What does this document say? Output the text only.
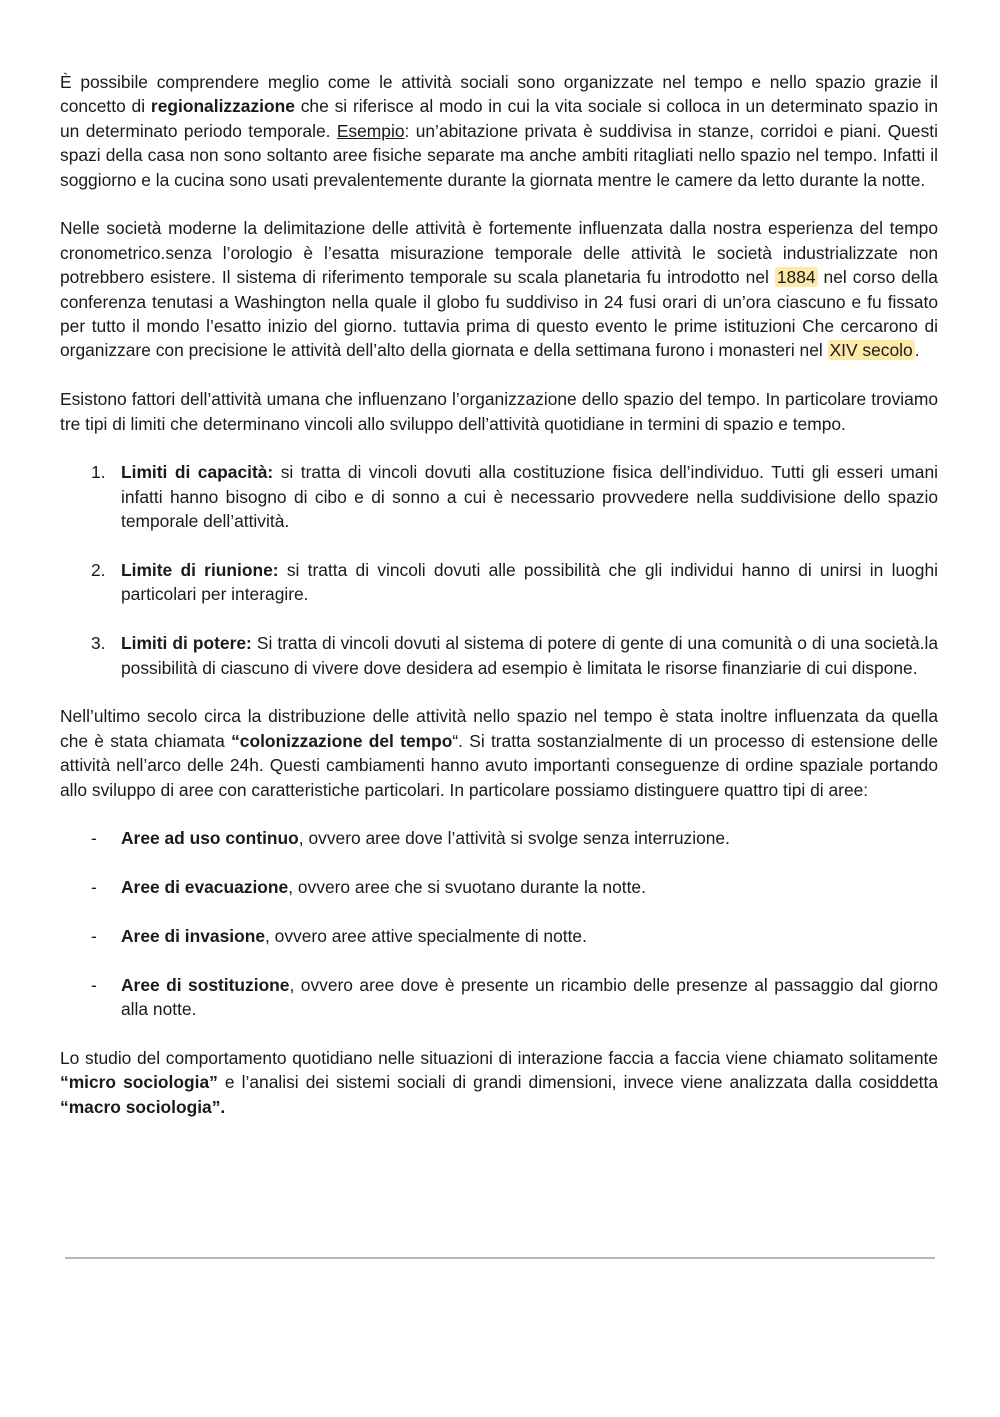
È possibile comprendere meglio come le attività sociali sono organizzate nel tempo e nello spazio grazie il concetto di regionalizzazione che si riferisce al modo in cui la vita sociale si colloca in un determinato spazio in un determinato periodo temporale. Esempio: un’abitazione privata è suddivisa in stanze, corridoi e piani. Questi spazi della casa non sono soltanto aree fisiche separate ma anche ambiti ritagliati nello spazio nel tempo. Infatti il soggiorno e la cucina sono usati prevalentemente durante la giornata mentre le camere da letto durante la notte.

Nelle società moderne la delimitazione delle attività è fortemente influenzata dalla nostra esperienza del tempo cronometrico.senza l’orologio è l’esatta misurazione temporale delle attività le società industrializzate non potrebbero esistere. Il sistema di riferimento temporale su scala planetaria fu introdotto nel 1884 nel corso della conferenza tenutasi a Washington nella quale il globo fu suddiviso in 24 fusi orari di un’ora ciascuno e fu fissato per tutto il mondo l’esatto inizio del giorno. tuttavia prima di questo evento le prime istituzioni Che cercarono di organizzare con precisione le attività dell’alto della giornata e della settimana furono i monasteri nel XIV secolo .

Esistono fattori dell’attività umana che influenzano l’organizzazione dello spazio del tempo. In particolare troviamo tre tipi di limiti che determinano vincoli allo sviluppo dell’attività quotidiane in termini di spazio e tempo.

1. Limiti di capacità: si tratta di vincoli dovuti alla costituzione fisica dell’individuo. Tutti gli esseri umani infatti hanno bisogno di cibo e di sonno a cui è necessario provvedere nella suddivisione dello spazio temporale dell’attività.
2. Limite di riunione: si tratta di vincoli dovuti alle possibilità che gli individui hanno di unirsi in luoghi particolari per interagire.
3. Limiti di potere: Si tratta di vincoli dovuti al sistema di potere di gente di una comunità o di una società.la possibilità di ciascuno di vivere dove desidera ad esempio è limitata le risorse finanziarie di cui dispone.

Nell’ultimo secolo circa la distribuzione delle attività nello spazio nel tempo è stata inoltre influenzata da quella che è stata chiamata “colonizzazione del tempo“. Si tratta sostanzialmente di un processo di estensione delle attività nell’arco delle 24h. Questi cambiamenti hanno avuto importanti conseguenze di ordine spaziale portando allo sviluppo di aree con caratteristiche particolari. In particolare possiamo distinguere quattro tipi di aree:

- Aree ad uso continuo, ovvero aree dove l’attività si svolge senza interruzione.
- Aree di evacuazione, ovvero aree che si svuotano durante la notte.
- Aree di invasione, ovvero aree attive specialmente di notte.
- Aree di sostituzione, ovvero aree dove è presente un ricambio delle presenze al passaggio dal giorno alla notte.

Lo studio del comportamento quotidiano nelle situazioni di interazione faccia a faccia viene chiamato solitamente “micro sociologia” e l’analisi dei sistemi sociali di grandi dimensioni, invece viene analizzata dalla cosiddetta “macro sociologia”.
